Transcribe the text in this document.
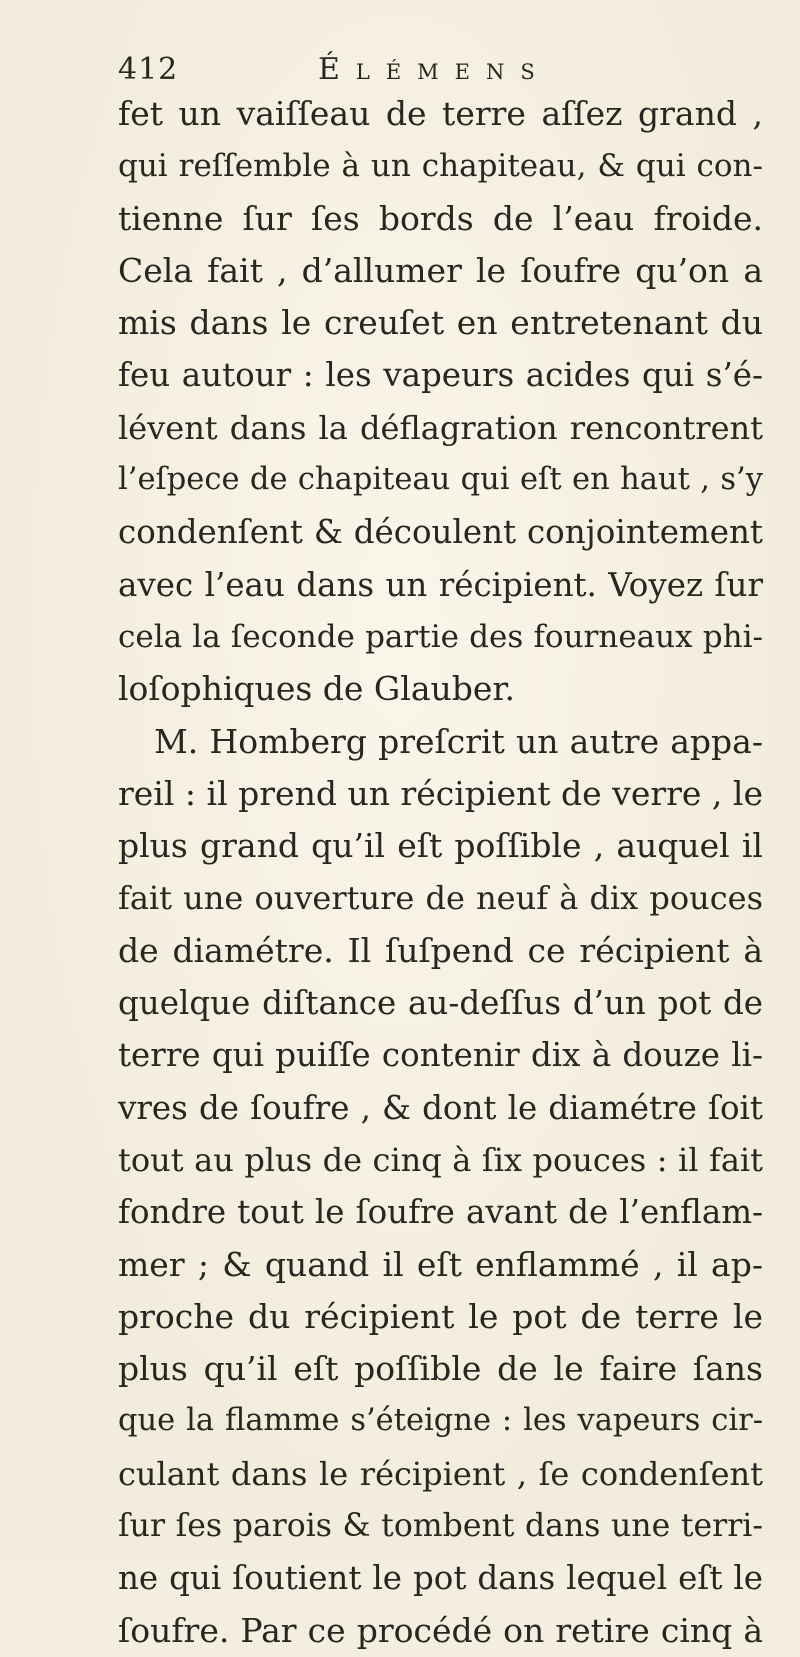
412	Élémens
fet un vaiſſeau de terre aſſez grand ,
qui reſſemble à un chapiteau, & qui con-
tienne ſur ſes bords de l’eau froide.
Cela fait , d’allumer le ſoufre qu’on a
mis dans le creuſet en entretenant du
feu autour : les vapeurs acides qui s’é-
lévent dans la déflagration rencontrent
l’eſpece de chapiteau qui eſt en haut , s’y
condenſent & découlent conjointement
avec l’eau dans un récipient. Voyez ſur
cela la ſeconde partie des fourneaux phi-
loſophiques de Glauber.
M. Homberg preſcrit un autre appa-
reil : il prend un récipient de verre , le
plus grand qu’il eſt poſſible , auquel il
fait une ouverture de neuf à dix pouces
de diamétre. Il ſuſpend ce récipient à
quelque diſtance au-deſſus d’un pot de
terre qui puiſſe contenir dix à douze li-
vres de ſoufre , & dont le diamétre ſoit
tout au plus de cinq à ſix pouces : il fait
fondre tout le ſoufre avant de l’enflam-
mer ; & quand il eſt enflammé , il ap-
proche du récipient le pot de terre le
plus qu’il eſt poſſible de le faire ſans
que la flamme s’éteigne : les vapeurs cir-
culant dans le récipient , ſe condenſent
ſur ſes parois & tombent dans une terri-
ne qui ſoutient le pot dans lequel eſt le
ſoufre. Par ce procédé on retire cinq à
